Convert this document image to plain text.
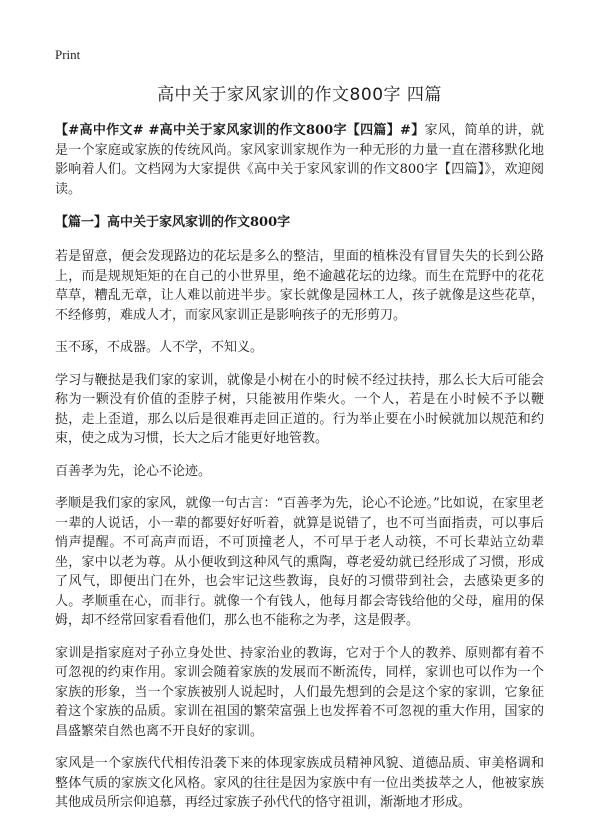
Print
高中关于家风家训的作文800字 四篇

【#高中作文# #高中关于家风家训的作文800字【四篇】#】家风，简单的讲，就是一个家庭或家族的传统风尚。家风家训家规作为一种无形的力量一直在潜移默化地影响着人们。文档网为大家提供《高中关于家风家训的作文800字【四篇】》，欢迎阅读。

【篇一】高中关于家风家训的作文800字

若是留意，便会发现路边的花坛是多么的整洁，里面的植株没有冒冒失失的长到公路上，而是规规矩矩的在自己的小世界里，绝不逾越花坛的边缘。而生在荒野中的花花草草，糟乱无章，让人难以前进半步。家长就像是园林工人，孩子就像是这些花草，不经修剪，难成人才，而家风家训正是影响孩子的无形剪刀。

玉不琢，不成器。人不学，不知义。

学习与鞭挞是我们家的家训，就像是小树在小的时候不经过扶持，那么长大后可能会称为一颗没有价值的歪脖子树，只能被用作柴火。一个人，若是在小时候不予以鞭挞，走上歪道，那么以后是很难再走回正道的。行为举止要在小时候就加以规范和约束，使之成为习惯，长大之后才能更好地管教。

百善孝为先，论心不论迹。

孝顺是我们家的家风，就像一句古言：“百善孝为先，论心不论迹。”比如说，在家里老一辈的人说话，小一辈的都要好好听着，就算是说错了，也不可当面指责，可以事后悄声提醒。不可高声而语，不可顶撞老人，不可早于老人动筷，不可长辈站立幼辈坐，家中以老为尊。从小便收到这种风气的熏陶，尊老爱幼就已经形成了习惯，形成了风气，即便出门在外，也会牢记这些教诲，良好的习惯带到社会，去感染更多的人。孝顺重在心，而非行。就像一个有钱人，他每月都会寄钱给他的父母，雇用的保姆，却不经常回家看看他们，那么也不能称之为孝，这是假孝。

家训是指家庭对子孙立身处世、持家治业的教诲，它对于个人的教养、原则都有着不可忽视的约束作用。家训会随着家族的发展而不断流传，同样，家训也可以作为一个家族的形象，当一个家族被别人说起时，人们最先想到的会是这个家的家训，它象征着这个家族的品质。家训在祖国的繁荣富强上也发挥着不可忽视的重大作用，国家的昌盛繁荣自然也离不开良好的家训。

家风是一个家族代代相传沿袭下来的体现家族成员精神风貌、道德品质、审美格调和整体气质的家族文化风格。家风的往往是因为家族中有一位出类拔萃之人，他被家族其他成员所宗仰追慕，再经过家族子孙代代的恪守祖训，渐渐地才形成。
